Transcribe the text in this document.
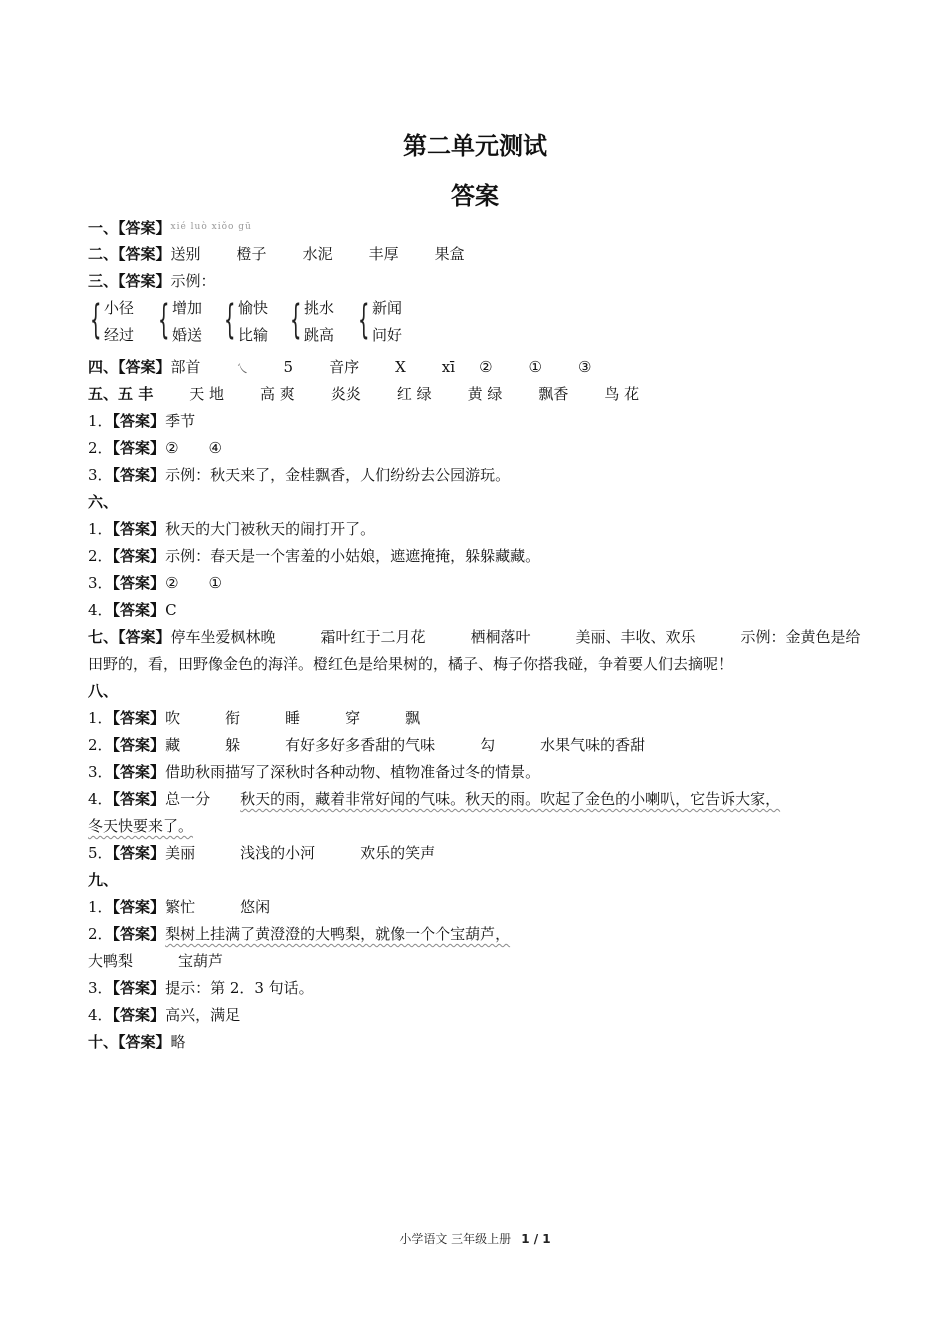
第二单元测试
答案
一、【答案】$^{xié luò xiǒo gū}$
二、【答案】送别 橙子 水泥 丰厚 果盒
三、【答案】示例：
{ 小径
经过 { 增加
婚送 { 愉快
比输 { 挑水
跳高 { 新闻
问好
四、【答案】部首	乀 5 音序 X xī ② ① ③
五、五 丰 天 地 高 爽 炎炎 红 绿 黄 绿 飘香 鸟 花
1．【答案】季节
2．【答案】②　　④
3．【答案】示例：秋天来了，金桂飘香，人们纷纷去公园游玩。
六、
1．【答案】秋天的大门被秋天的闹打开了。
2．【答案】示例：春天是一个害羞的小姑娘，遮遮掩掩，躲躲藏藏。
3．【答案】②　　①
4．【答案】C
七、【答案】停车坐爱枫林晚　　　霜叶红于二月花　　　栖桐落叶　　　美丽、丰收、欢乐　　　示例：金黄色是给田野的，看，田野像金色的海洋。橙红色是给果树的，橘子、梅子你搭我碰，争着要人们去摘呢！
八、
1．【答案】吹　　　衔　　　睡　　　穿　　　飘
2．【答案】藏　　　躲　　　有好多好多香甜的气味　　　勾　　　水果气味的香甜
3．【答案】借助秋雨描写了深秋时各种动物、植物准备过冬的情景。
4．【答案】总一分 秋天的雨，藏着非常好闻的气味。秋天的雨。吹起了金色的小喇叭，它告诉大家，
冬天快要来了。
5．【答案】美丽　　　浅浅的小河　　　欢乐的笑声
九、
1．【答案】繁忙　　　悠闲
2．【答案】梨树上挂满了黄澄澄的大鸭梨，就像一个个宝葫芦，
大鸭梨　　　宝葫芦
3．【答案】提示：第 2．3 句话。
4．【答案】高兴，满足
十、【答案】略
小学语文 三年级上册 1 / 1
